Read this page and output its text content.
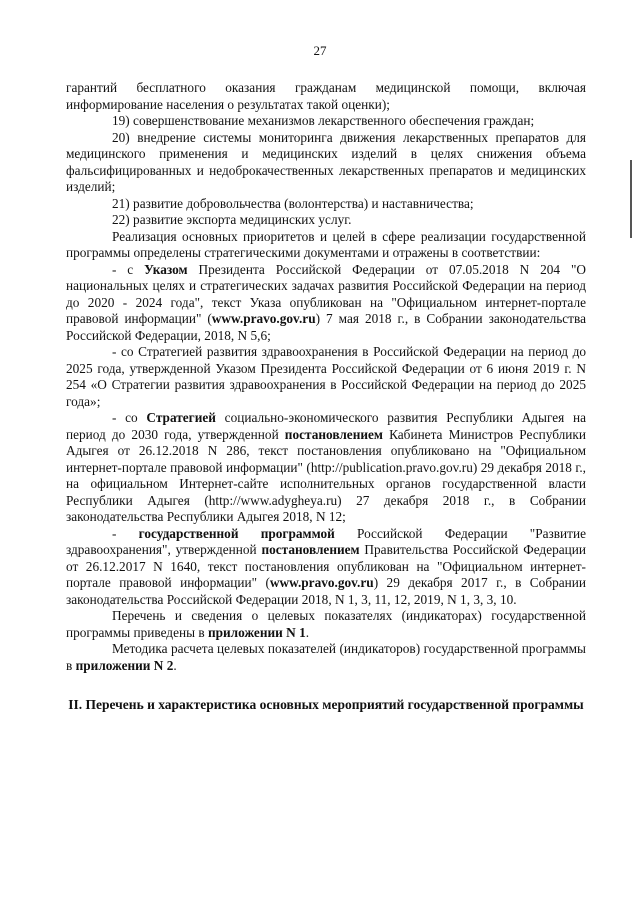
27

гарантий бесплатного оказания гражданам медицинской помощи, включая информирование населения о результатах такой оценки);

19) совершенствование механизмов лекарственного обеспечения граждан;

20) внедрение системы мониторинга движения лекарственных препаратов для медицинского применения и медицинских изделий в целях снижения объема фальсифицированных и недоброкачественных лекарственных препаратов и медицинских изделий;

21) развитие добровольчества (волонтерства) и наставничества;

22) развитие экспорта медицинских услуг.

Реализация основных приоритетов и целей в сфере реализации государственной программы определены стратегическими документами и отражены в соответствии:

- с Указом Президента Российской Федерации от 07.05.2018 N 204 "О национальных целях и стратегических задачах развития Российской Федерации на период до 2020 - 2024 года", текст Указа опубликован на "Официальном интернет-портале правовой информации" (www.pravo.gov.ru) 7 мая 2018 г., в Собрании законодательства Российской Федерации, 2018, N 5,6;

- со Стратегией развития здравоохранения в Российской Федерации на период до 2025 года, утвержденной Указом Президента Российской Федерации от 6 июня 2019 г. N 254 «О Стратегии развития здравоохранения в Российской Федерации на период до 2025 года»;

- со Стратегией социально-экономического развития Республики Адыгея на период до 2030 года, утвержденной постановлением Кабинета Министров Республики Адыгея от 26.12.2018 N 286, текст постановления опубликовано на "Официальном интернет-портале правовой информации" (http://publication.pravo.gov.ru) 29 декабря 2018 г., на официальном Интернет-сайте исполнительных органов государственной власти Республики Адыгея (http://www.adygheya.ru) 27 декабря 2018 г., в Собрании законодательства Республики Адыгея 2018, N 12;

- государственной программой Российской Федерации "Развитие здравоохранения", утвержденной постановлением Правительства Российской Федерации от 26.12.2017 N 1640, текст постановления опубликован на "Официальном интернет-портале правовой информации" (www.pravo.gov.ru) 29 декабря 2017 г., в Собрании законодательства Российской Федерации 2018, N 1, 3, 11, 12, 2019, N 1, 3, 3, 10.

Перечень и сведения о целевых показателях (индикаторах) государственной программы приведены в приложении N 1.

Методика расчета целевых показателей (индикаторов) государственной программы в приложении N 2.

II. Перечень и характеристика основных мероприятий государственной программы
